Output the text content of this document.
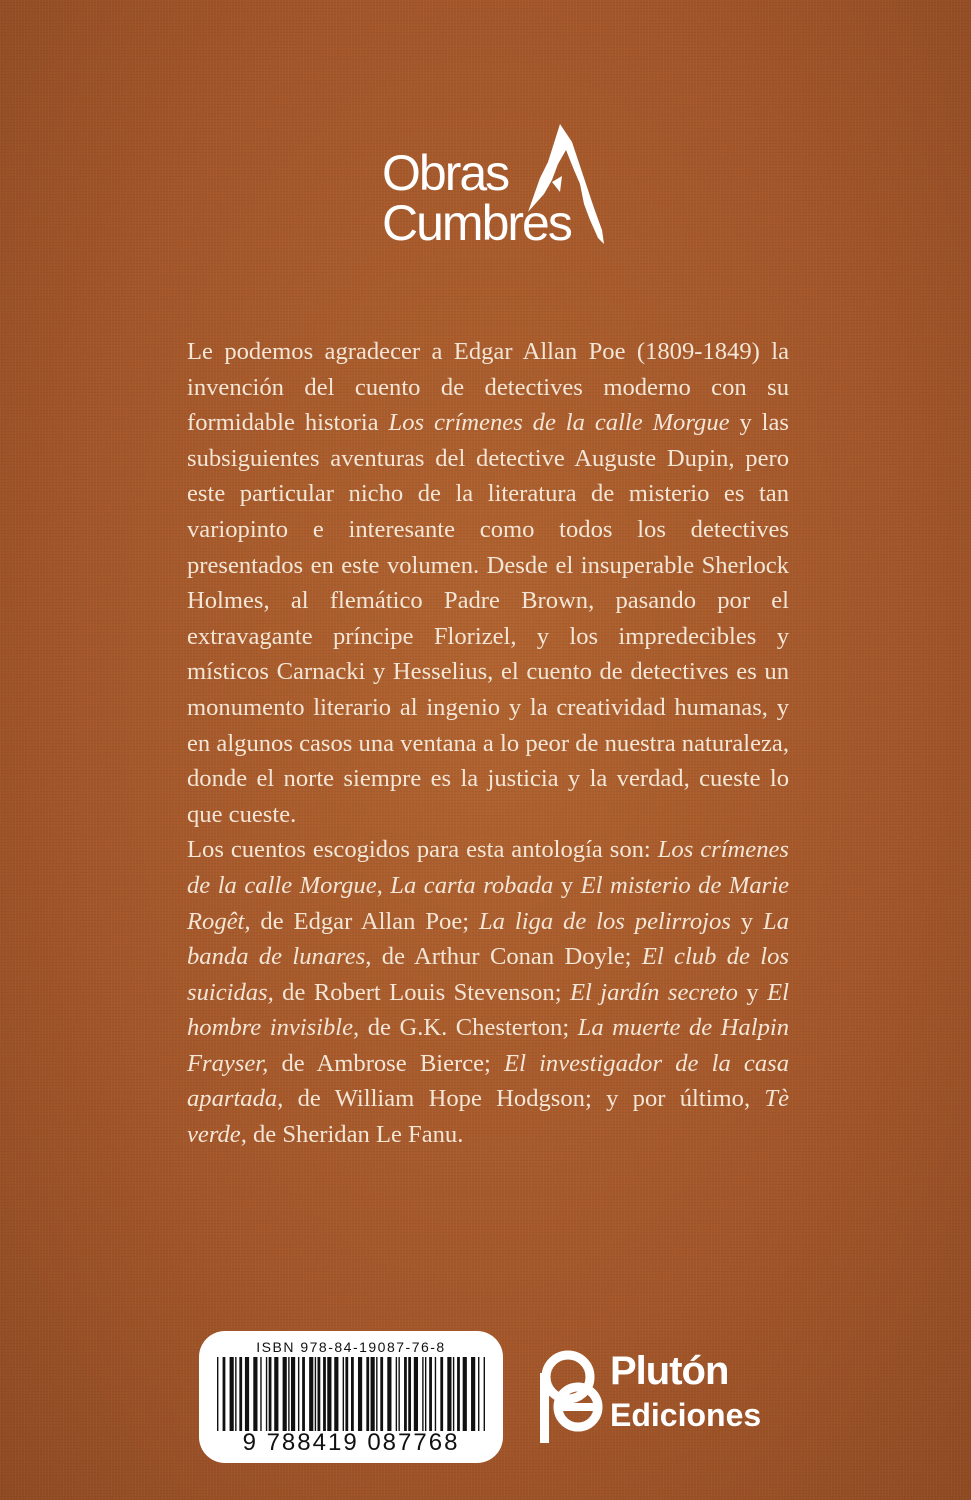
Obras
Cumbres

Le podemos agradecer a Edgar Allan Poe (1809-1849) la invención del cuento de detectives moderno con su formidable historia Los crímenes de la calle Morgue y las subsiguientes aventuras del detective Auguste Dupin, pero este particular nicho de la literatura de misterio es tan variopinto e interesante como todos los detectives presentados en este volumen. Desde el insuperable Sherlock Holmes, al flemático Padre Brown, pasando por el extravagante príncipe Florizel, y los impredecibles y místicos Carnacki y Hesselius, el cuento de detectives es un monumento literario al ingenio y la creatividad humanas, y en algunos casos una ventana a lo peor de nuestra naturaleza, donde el norte siempre es la justicia y la verdad, cueste lo que cueste.

Los cuentos escogidos para esta antología son: Los crímenes de la calle Morgue, La carta robada y El misterio de Marie Rogêt, de Edgar Allan Poe; La liga de los pelirrojos y La banda de lunares, de Arthur Conan Doyle; El club de los suicidas, de Robert Louis Stevenson; El jardín secreto y El hombre invisible, de G.K. Chesterton; La muerte de Halpin Frayser, de Ambrose Bierce; El investigador de la casa apartada, de William Hope Hodgson; y por último, Tè verde, de Sheridan Le Fanu.

ISBN 978-84-19087-76-8
9 788419 087768
Plutón
Ediciones
